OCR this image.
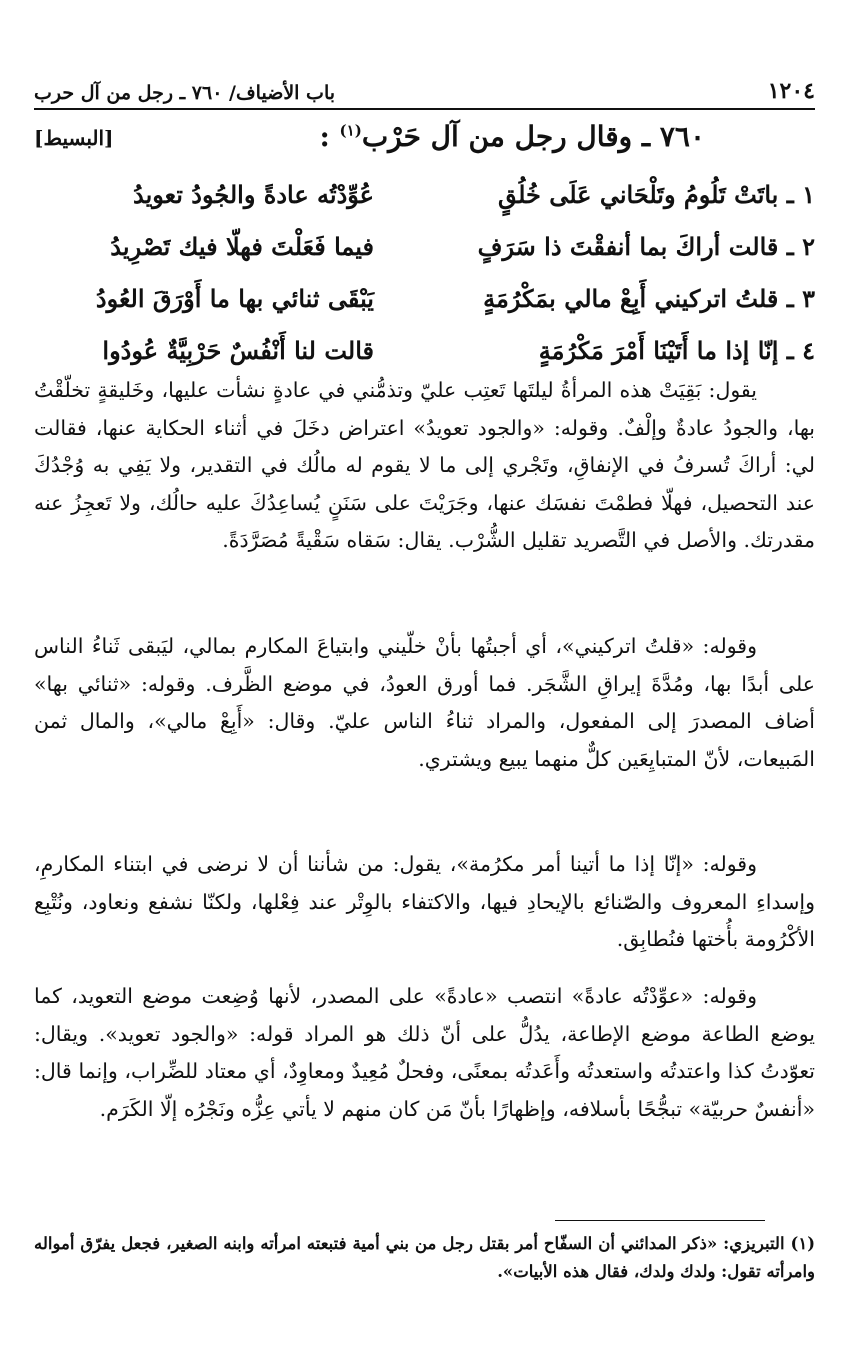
١٢٠٤
باب الأضياف/ ٧٦٠ ـ رجل من آل حرب
٧٦٠ ـ وقال رجل من آل حَرْب$^{(١)}$ :
[البسيط]
١ ـ باتَتْ تَلُومُ وتَلْحَاني عَلَى خُلُقٍ
عُوِّدْتُه عادةً والجُودُ تعويدُ
٢ ـ قالت أراكَ بما أنفقْتَ ذا سَرَفٍ
فيما فَعَلْتَ فهلّا فيك تَصْرِيدُ
٣ ـ قلتُ اتركيني أَبِعْ مالي بمَكْرُمَةٍ
يَبْقَى ثنائي بها ما أَوْرَقَ العُودُ
٤ ـ إنّا إذا ما أَتَيْنَا أَمْرَ مَكْرُمَةٍ
قالت لنا أَنْفُسٌ حَرْبِيَّةٌ عُودُوا
يقول: بَقِيَتْ هذه المرأةُ ليلتَها تَعتِب عليّ وتذمُّني في عادةٍ نشأت عليها، وخَليقةٍ تخلّقْتُ بها، والجودُ عادةٌ وإلْفٌ. وقوله: «والجود تعويدُ» اعتراض دخَلَ في أثناء الحكاية عنها، فقالت لي: أراكَ تُسرفُ في الإنفاقِ، وتَجْري إلى ما لا يقوم له مالُك في التقدير، ولا يَفِي به وُجْدُكَ عند التحصيل، فهلّا فطمْتَ نفسَك عنها، وجَرَيْتَ على سَنَنٍ يُساعِدُكَ عليه حالُك، ولا تَعجِزُ عنه مقدرتك. والأصل في التَّصريد تقليل الشُّرْب. يقال: سَقاه سَقْيةً مُصَرَّدَةً.
وقوله: «قلتُ اتركيني»، أي أجبتُها بأنْ خلّيني وابتياعَ المكارم بمالي، ليَبقى ثَناءُ الناس على أبدًا بها، ومُدَّةَ إيراقِ الشَّجَر. فما أورق العودُ، في موضع الظَّرف. وقوله: «ثنائي بها» أضاف المصدرَ إلى المفعول، والمراد ثناءُ الناس عليّ. وقال: «أَبِعْ مالي»، والمال ثمن المَبيعات، لأنّ المتبايِعَين كلٌّ منهما يبيع ويشتري.
وقوله: «إنّا إذا ما أتينا أمر مكرُمة»، يقول: من شأننا أن لا نرضى في ابتناء المكارمِ، وإسداءِ المعروف والصّنائع بالإيحادِ فيها، والاكتفاء بالوِتْر عند فِعْلها، ولكنّا نشفع ونعاود، ونُتْبِع الأكْرُومة بأُختها فنُطابِق.
وقوله: «عوِّدْتُه عادةً» انتصب «عادةً» على المصدر، لأنها وُضِعت موضع التعويد، كما يوضع الطاعة موضع الإطاعة، يدُلُّ على أنّ ذلك هو المراد قوله: «والجود تعويد». ويقال: تعوّدتُ كذا واعتدتُه واستعدتُه وأَعَدتُه بمعنًى، وفحلٌ مُعِيدٌ ومعاوِدٌ، أي معتاد للضِّراب، وإنما قال: «أنفسٌ حربيّة» تبجُّحًا بأسلافه، وإظهارًا بأنّ مَن كان منهم لا يأتي عِزُّه ونَجْرُه إلّا الكَرَم.
(١) التبريزي: «ذكر المدائني أن السفّاح أمر بقتل رجل من بني أمية فتبعته امرأته وابنه الصغير، فجعل يفرّق أمواله وامرأته تقول: ولدك ولدك، فقال هذه الأبيات».
